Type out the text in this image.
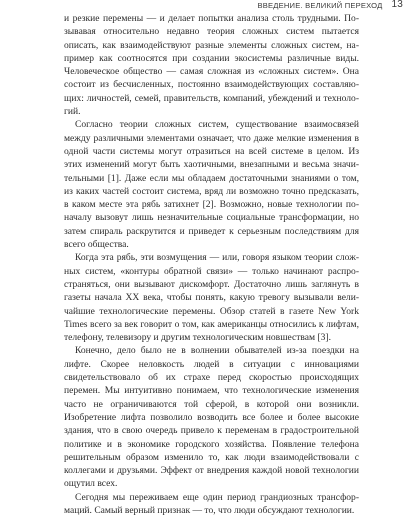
ВВЕДЕНИЕ. ВЕЛИКИЙ ПЕРЕХОД 13

и резкие перемены — и делает попытки анализа столь трудными. Позывавая относительно недавно теория сложных систем пытается описать, как взаимодействуют разные элементы сложных систем, например как соотносятся при создании экосистемы различные виды. Человеческое общество — самая сложная из «сложных систем». Она состоит из бесчисленных, постоянно взаимодействующих составляющих: личностей, семей, правительств, компаний, убеждений и технологий.

Согласно теории сложных систем, существование взаимосвязей между различными элементами означает, что даже мелкие изменения в одной части системы могут отразиться на всей системе в целом. Из этих изменений могут быть хаотичными, внезапными и весьма значительными [1]. Даже если мы обладаем достаточными знаниями о том, из каких частей состоит система, вряд ли возможно точно предсказать, в каком месте эта рябь затихнет [2]. Возможно, новые технологии поначалу вызовут лишь незначительные социальные трансформации, но затем спираль раскрутится и приведет к серьезным последствиям для всего общества.

Когда эта рябь, эти возмущения — или, говоря языком теории сложных систем, «контуры обратной связи» — только начинают распространяться, они вызывают дискомфорт. Достаточно лишь заглянуть в газеты начала XX века, чтобы понять, какую тревогу вызывали величайшие технологические перемены. Обзор статей в газете New York Times всего за век говорит о том, как американцы относились к лифтам, телефону, телевизору и другим технологическим новшествам [3].

Конечно, дело было не в волнении обывателей из-за поездки на лифте. Скорее неловкость людей в ситуации с инновациями свидетельствовало об их страхе перед скоростью происходящих перемен. Мы интуитивно понимаем, что технологические изменения часто не ограничиваются той сферой, в которой они возникли. Изобретение лифта позволило возводить все более и более высокие здания, что в свою очередь привело к переменам в градостроительной политике и в экономике городского хозяйства. Появление телефона решительным образом изменило то, как люди взаимодействовали с коллегами и друзьями. Эффект от внедрения каждой новой технологии ощутил всех.

Сегодня мы переживаем еще один период грандиозных трансформаций. Самый верный признак — то, что люди обсуждают технологии.
